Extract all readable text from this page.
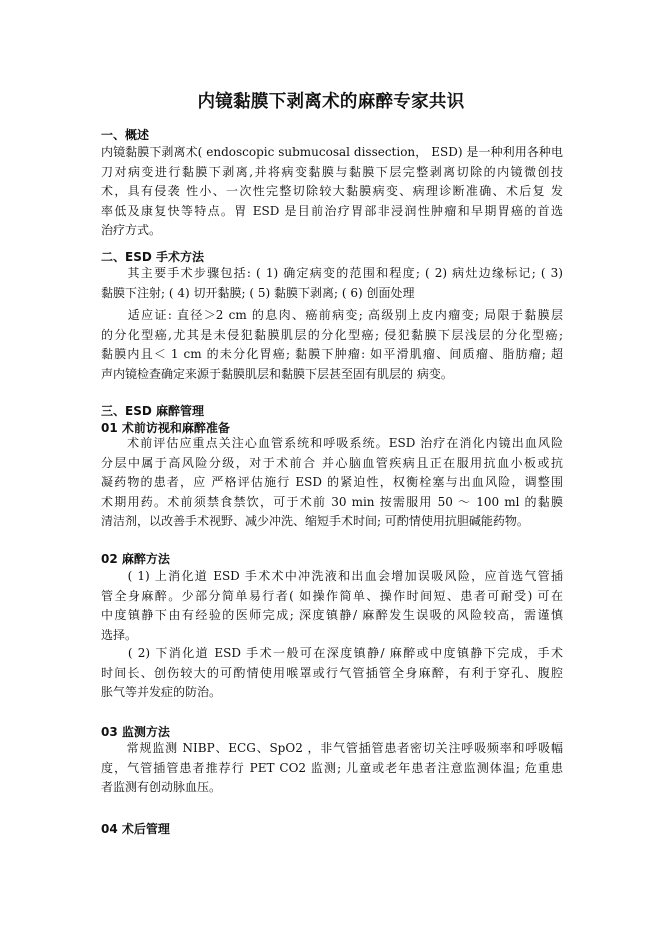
内镜黏膜下剥离术的麻醉专家共识
一、概述
内镜黏膜下剥离术( endoscopic submucosal dissection， ESD) 是一种利用各种电
刀对病变进行黏膜下剥离,并将病变黏膜与黏膜下层完整剥离切除的内镜微创技
术，具有侵袭 性小、一次性完整切除较大黏膜病变、病理诊断准确、术后复 发
率低及康复快等特点。胃 ESD 是目前治疗胃部非浸润性肿瘤和早期胃癌的首选
治疗方式。
二、ESD 手术方法
　　其主要手术步骤包括: ( 1) 确定病变的范围和程度; ( 2) 病灶边缘标记; ( 3)
黏膜下注射; ( 4) 切开黏膜; ( 5) 黏膜下剥离; ( 6) 创面处理
　　适应证: 直径＞2 cm 的息肉、癌前病变; 高级别上皮内瘤变; 局限于黏膜层
的分化型癌,尤其是未侵犯黏膜肌层的分化型癌; 侵犯黏膜下层浅层的分化型癌;
黏膜内且＜ 1 cm 的未分化胃癌; 黏膜下肿瘤: 如平滑肌瘤、间质瘤、脂肪瘤; 超
声内镜检查确定来源于黏膜肌层和黏膜下层甚至固有肌层的 病变。
三、ESD 麻醉管理
01 术前访视和麻醉准备
　　术前评估应重点关注心血管系统和呼吸系统。ESD 治疗在消化内镜出血风险
分层中属于高风险分级，对于术前合 并心脑血管疾病且正在服用抗血小板或抗
凝药物的患者，应 严格评估施行 ESD 的紧迫性，权衡栓塞与出血风险，调整围
术期用药。术前须禁食禁饮，可于术前 30 min 按需服用 50 ～ 100 ml 的黏膜
清洁剂，以改善手术视野、减少冲洗、缩短手术时间; 可酌情使用抗胆碱能药物。
02 麻醉方法
　　( 1) 上消化道 ESD 手术术中冲洗液和出血会增加误吸风险，应首选气管插
管全身麻醉。少部分简单易行者( 如操作简单、操作时间短、患者可耐受) 可在
中度镇静下由有经验的医师完成; 深度镇静/ 麻醉发生误吸的风险较高，需谨慎
选择。
　　( 2) 下消化道 ESD 手术一般可在深度镇静/ 麻醉或中度镇静下完成，手术
时间长、创伤较大的可酌情使用喉罩或行气管插管全身麻醉，有利于穿孔、腹腔
胀气等并发症的防治。
03 监测方法
　　常规监测 NIBP、ECG、SpO2 ，非气管插管患者密切关注呼吸频率和呼吸幅
度，气管插管患者推荐行 PET CO2 监测; 儿童或老年患者注意监测体温; 危重患
者监测有创动脉血压。
04 术后管理
